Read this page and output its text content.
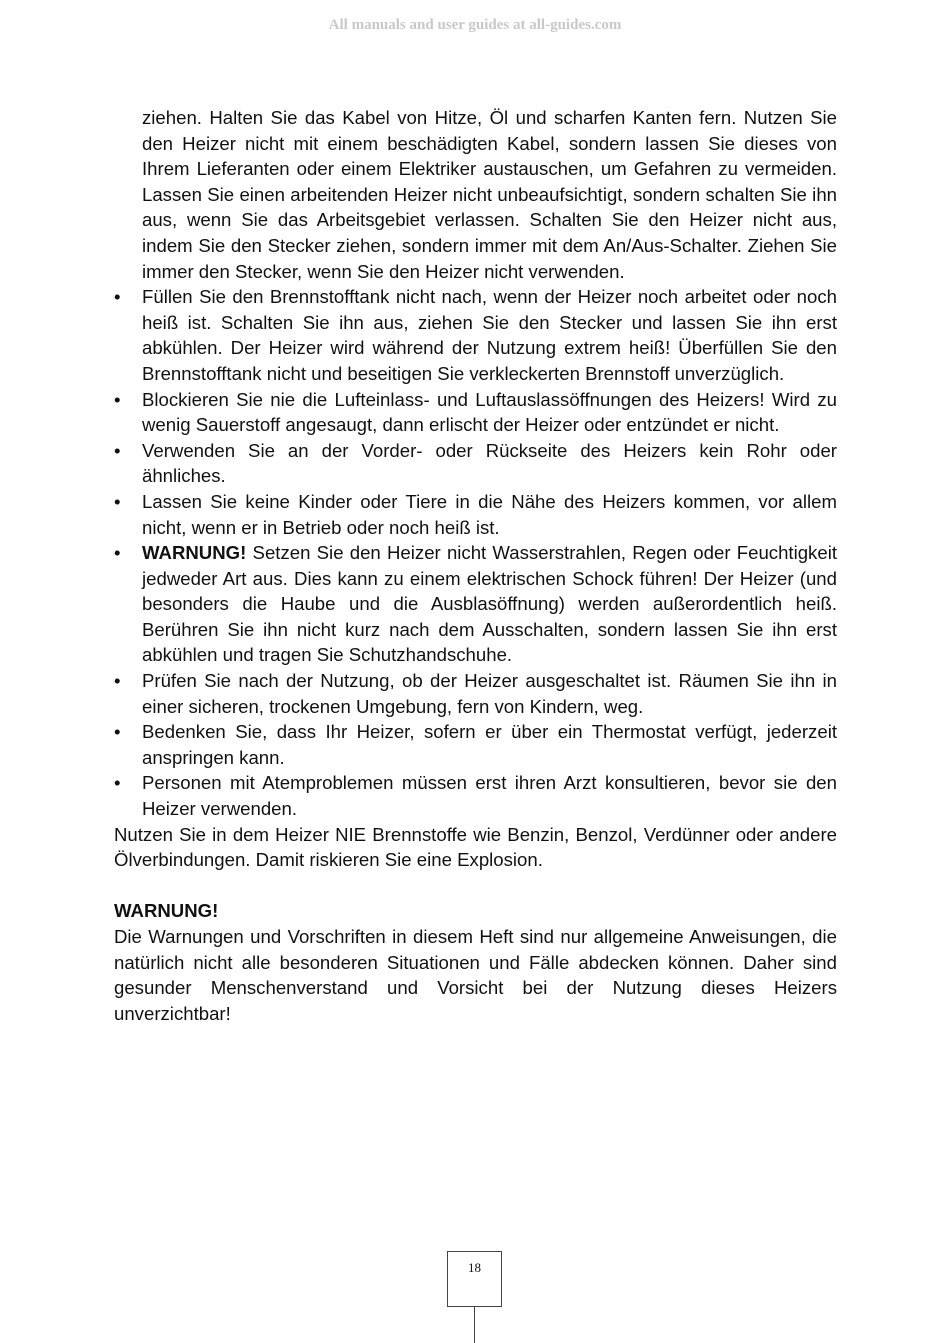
All manuals and user guides at all-guides.com

ziehen. Halten Sie das Kabel von Hitze, Öl und scharfen Kanten fern. Nutzen Sie den Heizer nicht mit einem beschädigten Kabel, sondern lassen Sie dieses von Ihrem Lieferanten oder einem Elektriker austauschen, um Gefahren zu vermeiden. Lassen Sie einen arbeitenden Heizer nicht unbeaufsichtigt, sondern schalten Sie ihn aus, wenn Sie das Arbeitsgebiet verlassen. Schalten Sie den Heizer nicht aus, indem Sie den Stecker ziehen, sondern immer mit dem An/Aus-Schalter. Ziehen Sie immer den Stecker, wenn Sie den Heizer nicht verwenden.

• Füllen Sie den Brennstofftank nicht nach, wenn der Heizer noch arbeitet oder noch heiß ist. Schalten Sie ihn aus, ziehen Sie den Stecker und lassen Sie ihn erst abkühlen. Der Heizer wird während der Nutzung extrem heiß! Überfüllen Sie den Brennstofftank nicht und beseitigen Sie verkleckerten Brennstoff unverzüglich.
• Blockieren Sie nie die Lufteinlass- und Luftauslassöffnungen des Heizers! Wird zu wenig Sauerstoff angesaugt, dann erlischt der Heizer oder entzündet er nicht.
• Verwenden Sie an der Vorder- oder Rückseite des Heizers kein Rohr oder ähnliches.
• Lassen Sie keine Kinder oder Tiere in die Nähe des Heizers kommen, vor allem nicht, wenn er in Betrieb oder noch heiß ist.
• WARNUNG! Setzen Sie den Heizer nicht Wasserstrahlen, Regen oder Feuchtigkeit jedweder Art aus. Dies kann zu einem elektrischen Schock führen! Der Heizer (und besonders die Haube und die Ausblasöffnung) werden außerordentlich heiß. Berühren Sie ihn nicht kurz nach dem Ausschalten, sondern lassen Sie ihn erst abkühlen und tragen Sie Schutzhandschuhe.
• Prüfen Sie nach der Nutzung, ob der Heizer ausgeschaltet ist. Räumen Sie ihn in einer sicheren, trockenen Umgebung, fern von Kindern, weg.
• Bedenken Sie, dass Ihr Heizer, sofern er über ein Thermostat verfügt, jederzeit anspringen kann.
• Personen mit Atemproblemen müssen erst ihren Arzt konsultieren, bevor sie den Heizer verwenden.

Nutzen Sie in dem Heizer NIE Brennstoffe wie Benzin, Benzol, Verdünner oder andere Ölverbindungen. Damit riskieren Sie eine Explosion.

WARNUNG!

Die Warnungen und Vorschriften in diesem Heft sind nur allgemeine Anweisungen, die natürlich nicht alle besonderen Situationen und Fälle abdecken können. Daher sind gesunder Menschenverstand und Vorsicht bei der Nutzung dieses Heizers unverzichtbar!

18
